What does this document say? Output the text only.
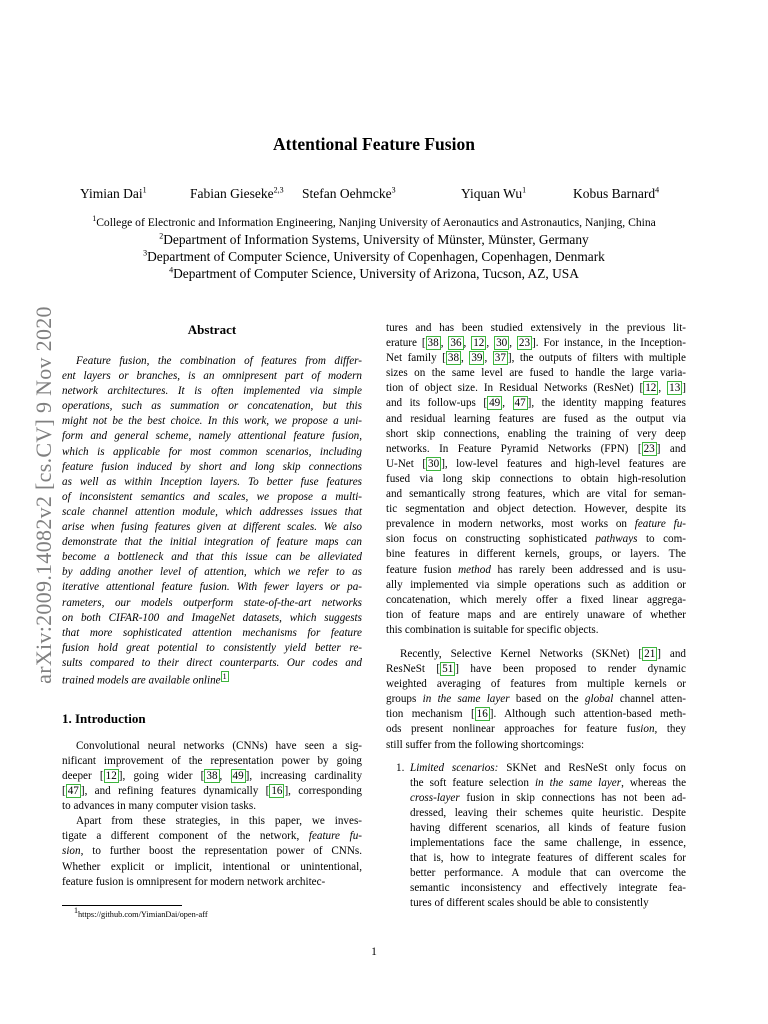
arXiv:2009.14082v2 [cs.CV] 9 Nov 2020
Attentional Feature Fusion
Yimian Dai$^1$	Fabian Gieseke$^{2,3}$ Stefan Oehmcke$^3$	Yiquan Wu$^1$	Kobus Barnard$^4$
$^1$College of Electronic and Information Engineering, Nanjing University of Aeronautics and Astronautics, Nanjing, China
$^2$Department of Information Systems, University of Münster, Münster, Germany
$^3$Department of Computer Science, University of Copenhagen, Copenhagen, Denmark
$^4$Department of Computer Science, University of Arizona, Tucson, AZ, USA
Abstract
Feature fusion, the combination of features from differ-
ent layers or branches, is an omnipresent part of modern
network architectures. It is often implemented via simple
operations, such as summation or concatenation, but this
might not be the best choice. In this work, we propose a uni-
form and general scheme, namely attentional feature fusion,
which is applicable for most common scenarios, including
feature fusion induced by short and long skip connections
as well as within Inception layers. To better fuse features
of inconsistent semantics and scales, we propose a multi-
scale channel attention module, which addresses issues that
arise when fusing features given at different scales. We also
demonstrate that the initial integration of feature maps can
become a bottleneck and that this issue can be alleviated
by adding another level of attention, which we refer to as
iterative attentional feature fusion. With fewer layers or pa-
rameters, our models outperform state-of-the-art networks
on both CIFAR-100 and ImageNet datasets, which suggests
that more sophisticated attention mechanisms for feature
fusion hold great potential to consistently yield better re-
sults compared to their direct counterparts. Our codes and
trained models are available online $^1$
1. Introduction
Convolutional neural networks (CNNs) have seen a sig-
nificant improvement of the representation power by going
deeper [ 12 ], going wider [ 38 , 49 ], increasing cardinality
[ 47 ], and refining features dynamically [ 16 ], corresponding
to advances in many computer vision tasks.
Apart from these strategies, in this paper, we inves-
tigate a different component of the network, feature fu-
sion, to further boost the representation power of CNNs.
Whether explicit or implicit, intentional or unintentional,
feature fusion is omnipresent for modern network architec-
tures and has been studied extensively in the previous lit-
erature [ 38 , 36 , 12 , 30 , 23 ]. For instance, in the Inception-
Net family [ 38 , 39 , 37 ], the outputs of filters with multiple
sizes on the same level are fused to handle the large varia-
tion of object size. In Residual Networks (ResNet) [ 12 , 13 ]
and its follow-ups [ 49 , 47 ], the identity mapping features
and residual learning features are fused as the output via
short skip connections, enabling the training of very deep
networks. In Feature Pyramid Networks (FPN) [ 23 ] and
U-Net [ 30 ], low-level features and high-level features are
fused via long skip connections to obtain high-resolution
and semantically strong features, which are vital for seman-
tic segmentation and object detection. However, despite its
prevalence in modern networks, most works on feature fu-
sion focus on constructing sophisticated pathways to com-
bine features in different kernels, groups, or layers. The
feature fusion method has rarely been addressed and is usu-
ally implemented via simple operations such as addition or
concatenation, which merely offer a fixed linear aggrega-
tion of feature maps and are entirely unaware of whether
this combination is suitable for specific objects.
Recently, Selective Kernel Networks (SKNet) [ 21 ] and
ResNeSt [ 51 ] have been proposed to render dynamic
weighted averaging of features from multiple kernels or
groups in the same layer based on the global channel atten-
tion mechanism [ 16 ]. Although such attention-based meth-
ods present nonlinear approaches for feature fusion, they
still suffer from the following shortcomings:
1. Limited scenarios: SKNet and ResNeSt only focus on
the soft feature selection in the same layer, whereas the
cross-layer fusion in skip connections has not been ad-
dressed, leaving their schemes quite heuristic. Despite
having different scenarios, all kinds of feature fusion
implementations face the same challenge, in essence,
that is, how to integrate features of different scales for
better performance. A module that can overcome the
semantic inconsistency and effectively integrate fea-
tures of different scales should be able to consistently
$^1$https://github.com/YimianDai/open-aff
1
